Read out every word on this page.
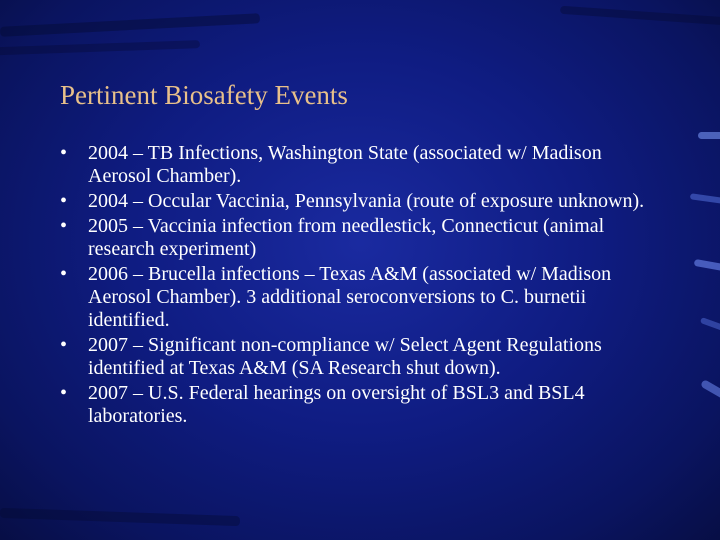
Pertinent Biosafety Events
• 2004 – TB Infections, Washington State (associated w/ Madison Aerosol Chamber).
• 2004 – Occular Vaccinia, Pennsylvania (route of exposure unknown).
• 2005 – Vaccinia infection from needlestick, Connecticut (animal research experiment)
• 2006 – Brucella infections – Texas A&M (associated w/ Madison Aerosol Chamber). 3 additional seroconversions to C. burnetii identified.
• 2007 – Significant non-compliance w/ Select Agent Regulations identified at Texas A&M (SA Research shut down).
• 2007 – U.S. Federal hearings on oversight of BSL3 and BSL4 laboratories.
